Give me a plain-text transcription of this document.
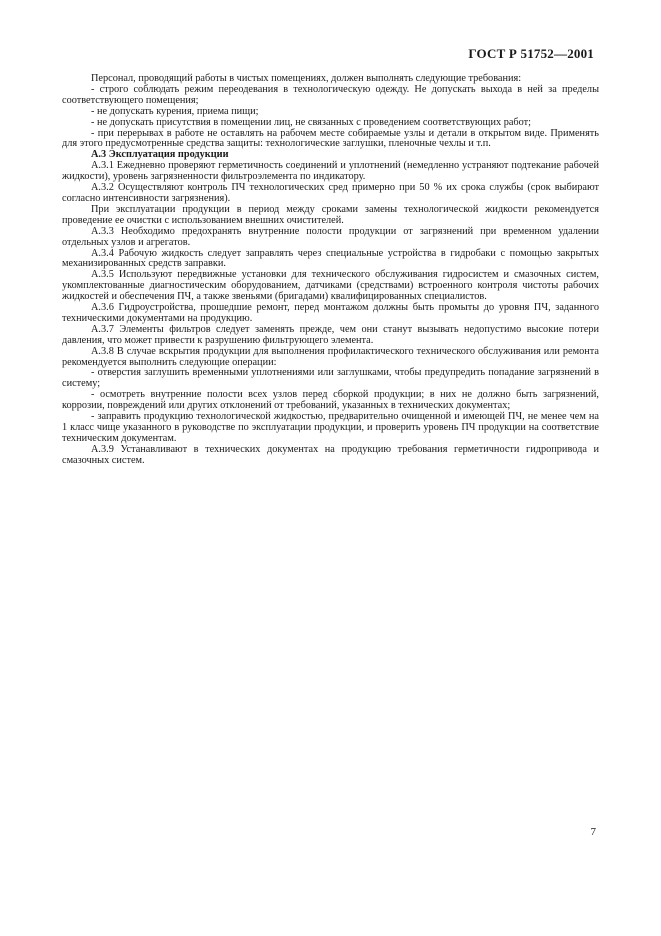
ГОСТ Р 51752—2001

Персонал, проводящий работы в чистых помещениях, должен выполнять следующие требования:

- строго соблюдать режим переодевания в технологическую одежду. Не допускать выхода в ней за пределы соответствующего помещения;

- не допускать курения, приема пищи;

- не допускать присутствия в помещении лиц, не связанных с проведением соответствующих работ;

- при перерывах в работе не оставлять на рабочем месте собираемые узлы и детали в открытом виде. Применять для этого предусмотренные средства защиты: технологические заглушки, пленочные чехлы и т.п.

А.3 Эксплуатация продукции

А.3.1 Ежедневно проверяют герметичность соединений и уплотнений (немедленно устраняют подтекание рабочей жидкости), уровень загрязненности фильтроэлемента по индикатору.

А.3.2 Осуществляют контроль ПЧ технологических сред примерно при 50 % их срока службы (срок выбирают согласно интенсивности загрязнения).

При эксплуатации продукции в период между сроками замены технологической жидкости рекомендуется проведение ее очистки с использованием внешних очистителей.

А.3.3 Необходимо предохранять внутренние полости продукции от загрязнений при временном удалении отдельных узлов и агрегатов.

А.3.4 Рабочую жидкость следует заправлять через специальные устройства в гидробаки с помощью закрытых механизированных средств заправки.

А.3.5 Используют передвижные установки для технического обслуживания гидросистем и смазочных систем, укомплектованные диагностическим оборудованием, датчиками (средствами) встроенного контроля чистоты рабочих жидкостей и обеспечения ПЧ, а также звеньями (бригадами) квалифицированных специалистов.

А.3.6 Гидроустройства, прошедшие ремонт, перед монтажом должны быть промыты до уровня ПЧ, заданного техническими документами на продукцию.

А.3.7 Элементы фильтров следует заменять прежде, чем они станут вызывать недопустимо высокие потери давления, что может привести к разрушению фильтрующего элемента.

А.3.8 В случае вскрытия продукции для выполнения профилактического технического обслуживания или ремонта рекомендуется выполнить следующие операции:

- отверстия заглушить временными уплотнениями или заглушками, чтобы предупредить попадание загрязнений в систему;

- осмотреть внутренние полости всех узлов перед сборкой продукции; в них не должно быть загрязнений, коррозии, повреждений или других отклонений от требований, указанных в технических документах;

- заправить продукцию технологической жидкостью, предварительно очищенной и имеющей ПЧ, не менее чем на 1 класс чище указанного в руководстве по эксплуатации продукции, и проверить уровень ПЧ продукции на соответствие техническим документам.

А.3.9 Устанавливают в технических документах на продукцию требования герметичности гидропривода и смазочных систем.

7
